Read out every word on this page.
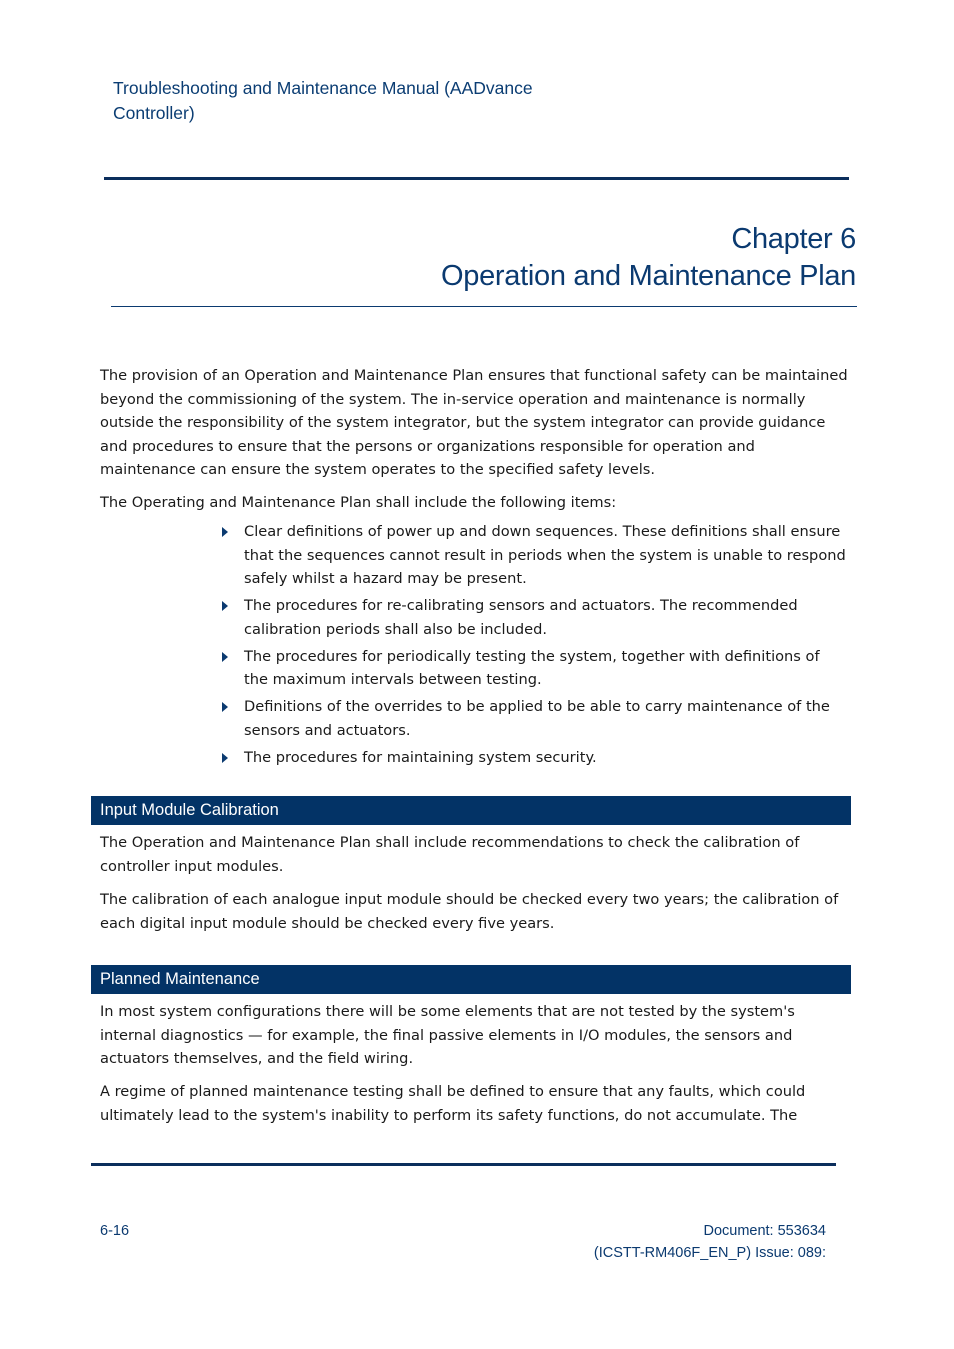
Troubleshooting and Maintenance Manual (AADvance Controller)
Chapter 6
Operation and Maintenance Plan

The provision of an Operation and Maintenance Plan ensures that functional safety can be maintained beyond the commissioning of the system. The in-service operation and maintenance is normally outside the responsibility of the system integrator, but the system integrator can provide guidance and procedures to ensure that the persons or organizations responsible for operation and maintenance can ensure the system operates to the specified safety levels.

The Operating and Maintenance Plan shall include the following items:

Clear definitions of power up and down sequences. These definitions shall ensure that the sequences cannot result in periods when the system is unable to respond safely whilst a hazard may be present.
The procedures for re-calibrating sensors and actuators. The recommended calibration periods shall also be included.
The procedures for periodically testing the system, together with definitions of the maximum intervals between testing.
Definitions of the overrides to be applied to be able to carry maintenance of the sensors and actuators.
The procedures for maintaining system security.
Input Module Calibration

The Operation and Maintenance Plan shall include recommendations to check the calibration of controller input modules.

The calibration of each analogue input module should be checked every two years; the calibration of each digital input module should be checked every five years.

Planned Maintenance

In most system configurations there will be some elements that are not tested by the system's internal diagnostics — for example, the final passive elements in I/O modules, the sensors and actuators themselves, and the field wiring.

A regime of planned maintenance testing shall be defined to ensure that any faults, which could ultimately lead to the system's inability to perform its safety functions, do not accumulate. The

6-16	Document: 553634
(ICSTT-RM406F_EN_P) Issue: 089:
